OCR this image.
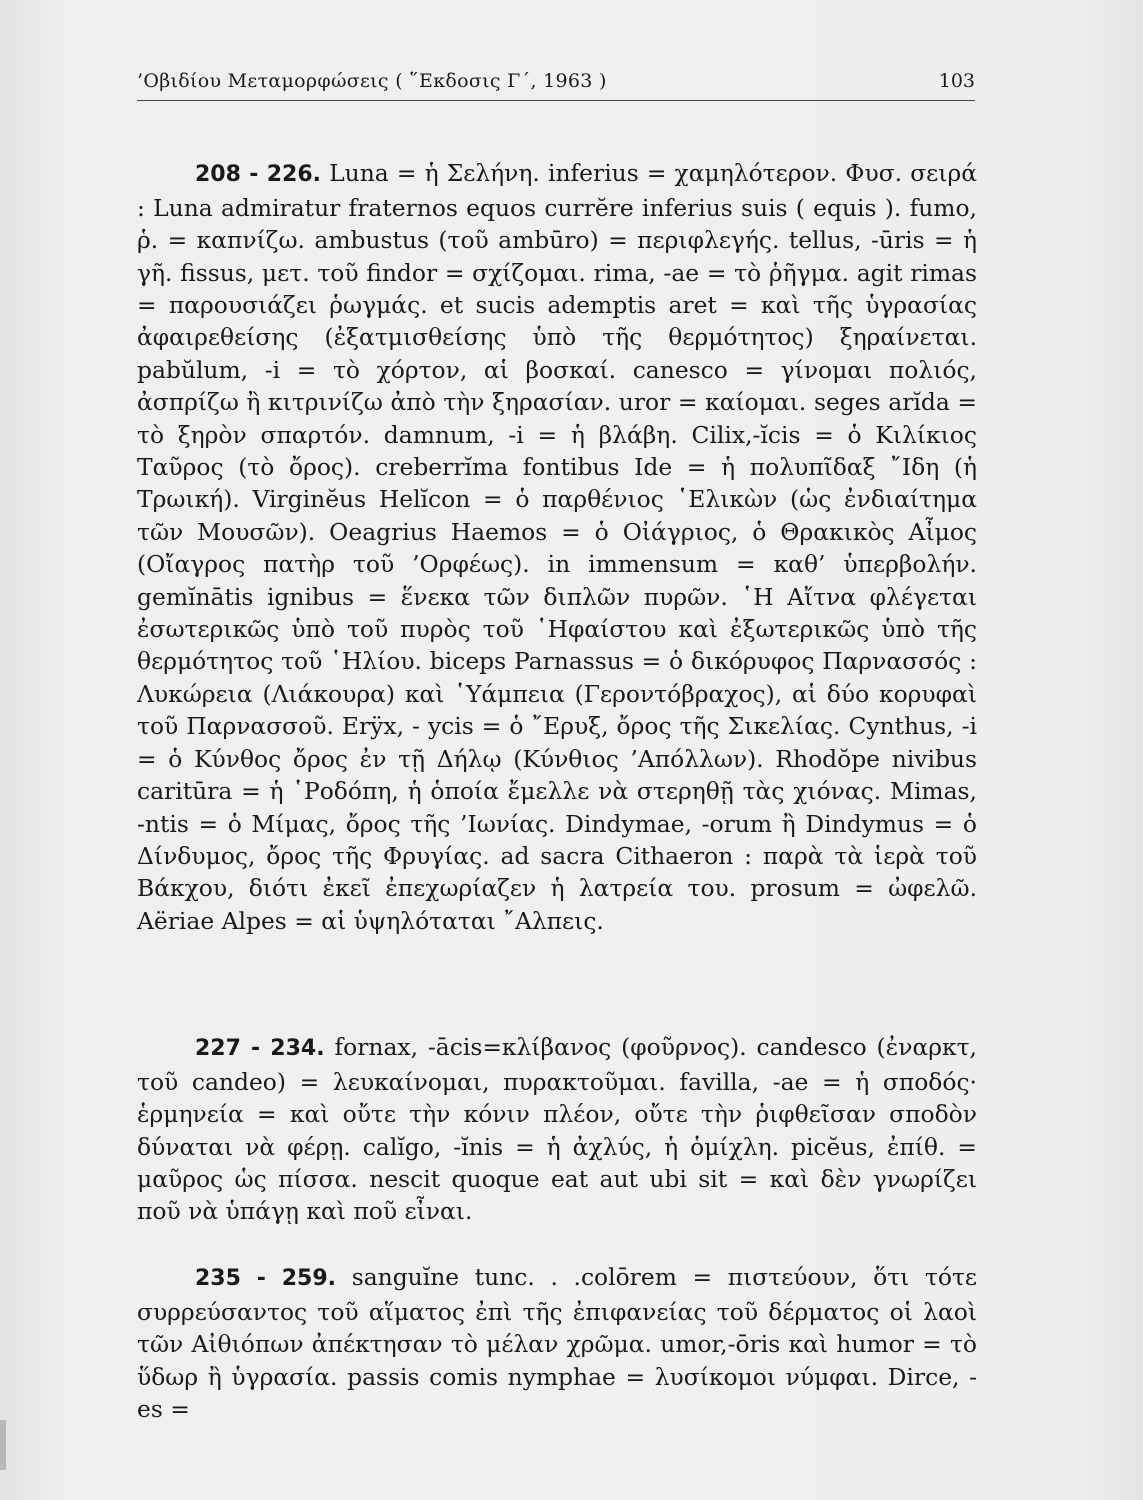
’Οβιδίου Μεταμορφώσεις ( ῞Εκδοσις Γ΄, 1963 )	103

208 - 226. Luna = ἡ Σελήνη. inferius = χαμηλότερον. Φυσ. σειρά : Luna admiratur fraternos equos currĕre inferius suis ( equis ). fumo, ῥ. = καπνίζω. ambustus (τοῦ ambūro) = περιφλεγής. tellus, -ūris = ἡ γῆ. fissus, μετ. τοῦ findor = σχίζομαι. rima, -ae = τὸ ῥῆγμα. agit rimas = παρουσιάζει ῥωγμάς. et sucis ademptis aret = καὶ τῆς ὑγρασίας ἀφαιρεθείσης (ἐξατμισθείσης ὑπὸ τῆς θερμότητος) ξηραίνεται. pabŭlum, -i = τὸ χόρτον, αἱ βοσκαί. canesco = γίνομαι πολιός, ἀσπρίζω ἢ κιτρινίζω ἀπὸ τὴν ξηρασίαν. uror = καίομαι. seges arĭda = τὸ ξηρὸν σπαρτόν. damnum, -i = ἡ βλάβη. Cilix,-ĭcis = ὁ Κιλίκιος Ταῦρος (τὸ ὄρος). creberrĭma fontibus Ide = ἡ πολυπῖδαξ ῎Ιδη (ἡ Τρωική). Virginĕus Helĭcon = ὁ παρθένιος ῾Ελικὼν (ὡς ἐνδιαίτημα τῶν Μουσῶν). Oeagrius Haemos = ὁ Οἰάγριος, ὁ Θρακικὸς Αἶμος (Οἴαγρος πατὴρ τοῦ ’Ορφέως). in immensum = καθ’ ὑπερβολήν. gemĭnātis ignibus = ἕνεκα τῶν διπλῶν πυρῶν. ῾Η Αἴτνα φλέγεται ἐσωτερικῶς ὑπὸ τοῦ πυρὸς τοῦ ῾Ηφαίστου καὶ ἐξωτερικῶς ὑπὸ τῆς θερμότητος τοῦ ῾Ηλίου. biceps Parnassus = ὁ δικόρυφος Παρνασσός : Λυκώρεια (Λιάκουρα) καὶ ῾Υάμπεια (Γεροντόβραχος), αἱ δύο κορυφαὶ τοῦ Παρνασσοῦ. Erÿx, - ycis = ὁ ῎Ερυξ, ὄρος τῆς Σικελίας. Cynthus, -i = ὁ Κύνθος ὄρος ἐν τῇ Δήλῳ (Κύνθιος ’Απόλλων). Rhodŏpe nivibus caritūra = ἡ ῾Ροδόπη, ἡ ὁποία ἔμελλε νὰ στερηθῇ τὰς χιόνας. Mimas, -ntis = ὁ Μίμας, ὄρος τῆς ’Ιωνίας. Dindymae, -orum ἢ Dindymus = ὁ Δίνδυμος, ὄρος τῆς Φρυγίας. ad sacra Cithaeron : παρὰ τὰ ἱερὰ τοῦ Βάκχου, διότι ἐκεῖ ἐπεχωρίαζεν ἡ λατρεία του. prosum = ὠφελῶ. Aëriae Alpes = αἱ ὑψηλόταται ῎Αλπεις.

227 - 234. fornax, -ācis=κλίβανος (φοῦρνος). candesco (ἐναρκτ, τοῦ candeo) = λευκαίνομαι, πυρακτοῦμαι. favilla, -ae = ἡ σποδός· ἑρμηνεία = καὶ οὔτε τὴν κόνιν πλέον, οὔτε τὴν ῥιφθεῖσαν σποδὸν δύναται νὰ φέρῃ. calĭgo, -ĭnis = ἡ ἀχλύς, ἡ ὁμίχλη. picĕus, ἐπίθ. = μαῦρος ὡς πίσσα. nescit quoque eat aut ubi sit = καὶ δὲν γνωρίζει ποῦ νὰ ὑπάγῃ καὶ ποῦ εἶναι.

235 - 259. sanguĭne tunc. . .colōrem = πιστεύουν, ὅτι τότε συρρεύσαντος τοῦ αἵματος ἐπὶ τῆς ἐπιφανείας τοῦ δέρματος οἱ λαοὶ τῶν Αἰθιόπων ἀπέκτησαν τὸ μέλαν χρῶμα. umor,-ōris καὶ humor = τὸ ὕδωρ ἢ ὑγρασία. passis comis nymphae = λυσίκομοι νύμφαι. Dirce, -es =
